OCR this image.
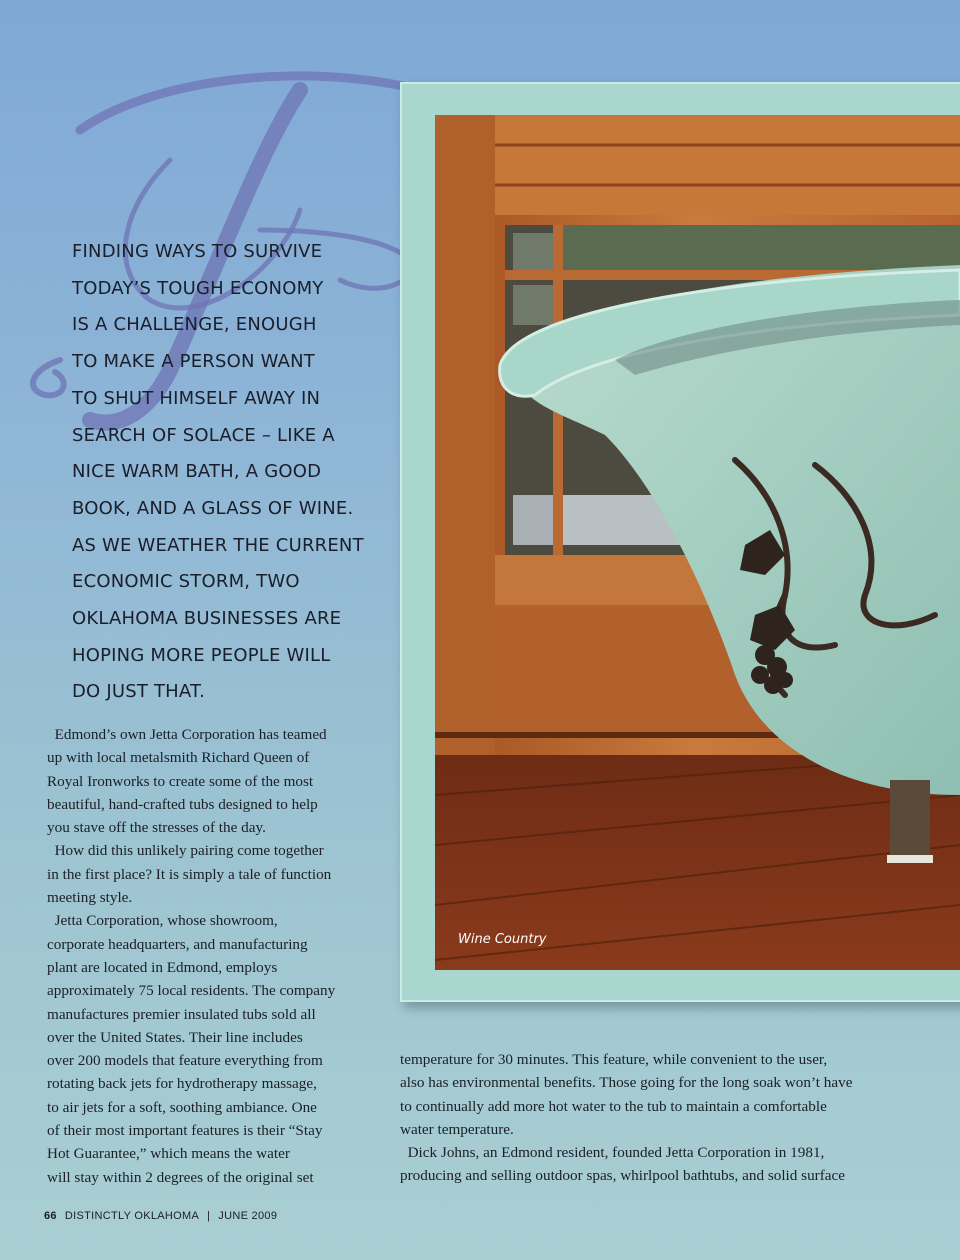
FINDING WAYS TO SURVIVE
TODAY’S TOUGH ECONOMY
IS A CHALLENGE, ENOUGH
TO MAKE A PERSON WANT
TO SHUT HIMSELF AWAY IN
SEARCH OF SOLACE – LIKE A
NICE WARM BATH, A GOOD
BOOK, AND A GLASS OF WINE.
AS WE WEATHER THE CURRENT
ECONOMIC STORM, TWO
OKLAHOMA BUSINESSES ARE
HOPING MORE PEOPLE WILL
DO JUST THAT.
Wine Country
Edmond’s own Jetta Corporation has teamed
up with local metalsmith Richard Queen of
Royal Ironworks to create some of the most
beautiful, hand-crafted tubs designed to help
you stave off the stresses of the day.
How did this unlikely pairing come together
in the first place? It is simply a tale of function
meeting style.
Jetta Corporation, whose showroom,
corporate headquarters, and manufacturing
plant are located in Edmond, employs
approximately 75 local residents. The company
manufactures premier insulated tubs sold all
over the United States. Their line includes
over 200 models that feature everything from
rotating back jets for hydrotherapy massage,
to air jets for a soft, soothing ambiance. One
of their most important features is their “Stay
Hot Guarantee,” which means the water
will stay within 2 degrees of the original set
temperature for 30 minutes. This feature, while convenient to the user,
also has environmental benefits. Those going for the long soak won’t have
to continually add more hot water to the tub to maintain a comfortable
water temperature.
Dick Johns, an Edmond resident, founded Jetta Corporation in 1981,
producing and selling outdoor spas, whirlpool bathtubs, and solid surface
66 DISTINCTLY OKLAHOMA | JUNE 2009
